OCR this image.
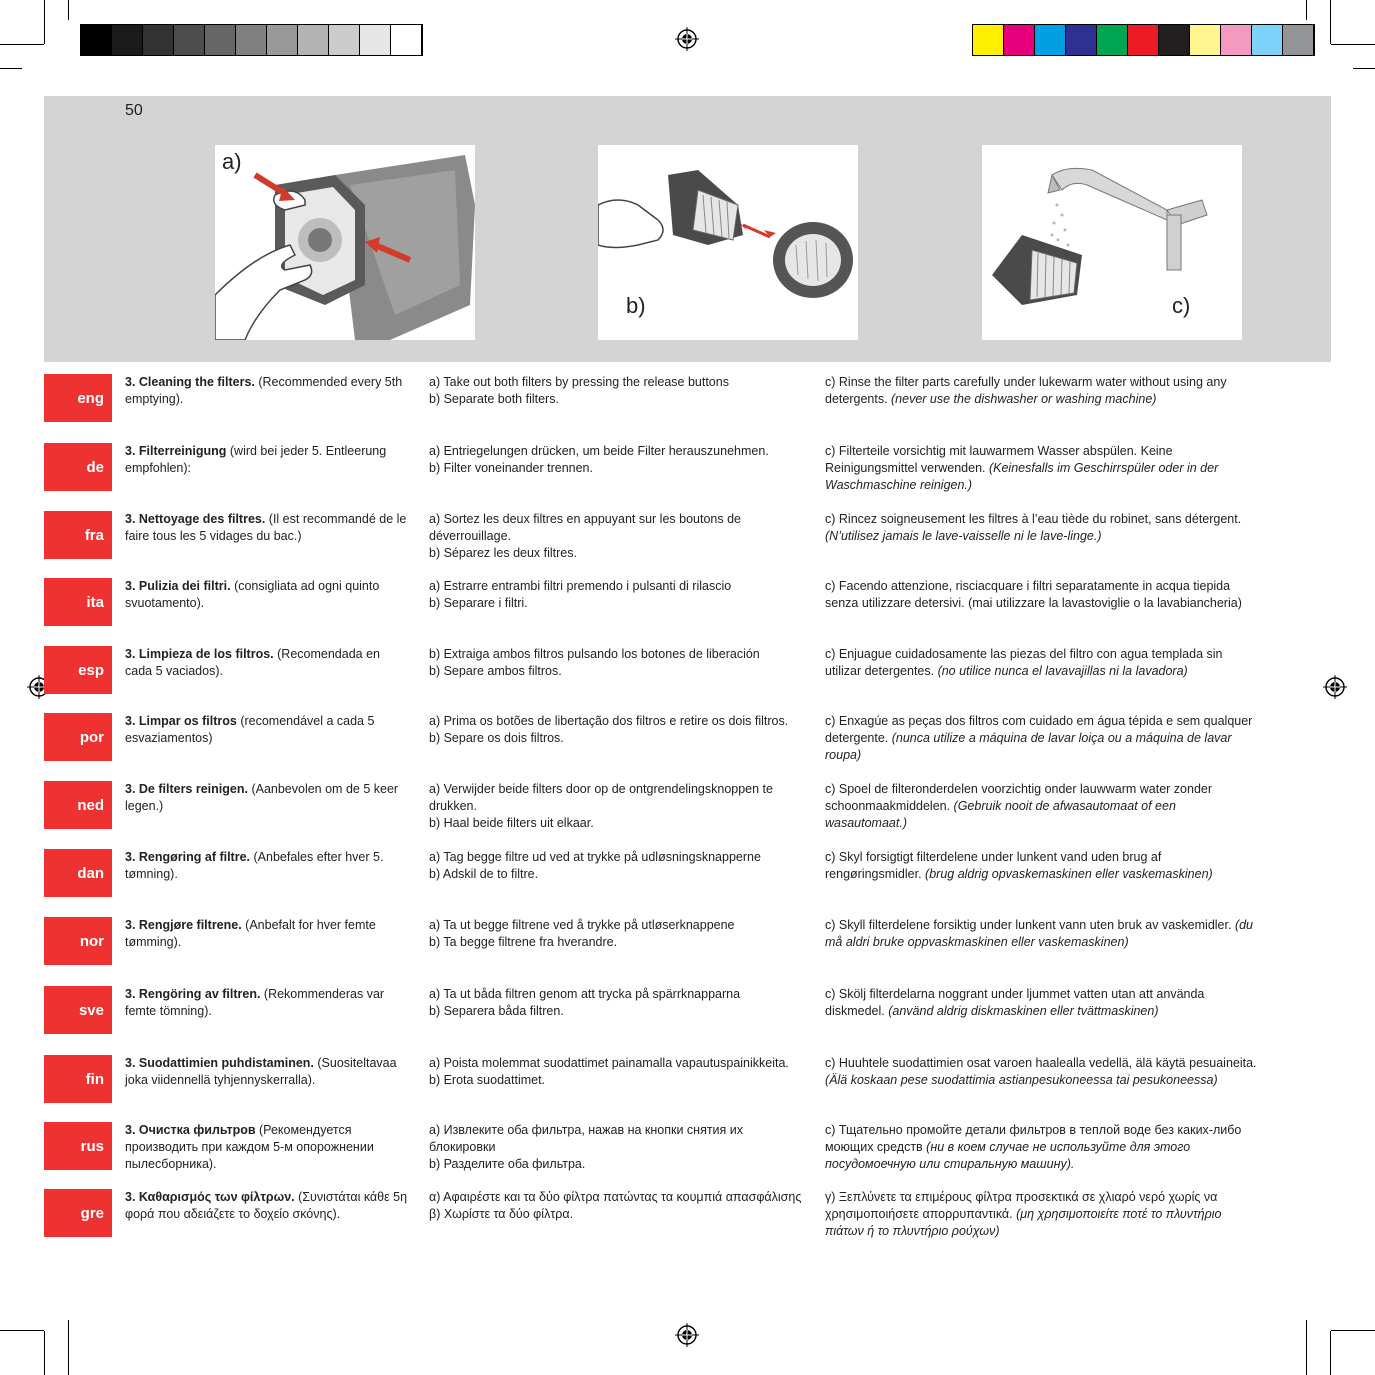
50
a)
b)	c)
eng
3. Cleaning the filters. (Recommended every 5th emptying).
a) Take out both filters by pressing the release buttons
b) Separate both filters.
c) Rinse the filter parts carefully under lukewarm water without using any detergents. (never use the dishwasher or washing machine)
de
3. Filterreinigung (wird bei jeder 5. Entleerung empfohlen):
a) Entriegelungen drücken, um beide Filter herauszunehmen.
b) Filter voneinander trennen.
c) Filterteile vorsichtig mit lauwarmem Wasser abspülen. Keine Reinigungsmittel verwenden. (Keinesfalls im Geschirrspüler oder in der Waschmaschine reinigen.)
fra
3. Nettoyage des filtres. (Il est recommandé de le faire tous les 5 vidages du bac.)
a) Sortez les deux filtres en appuyant sur les boutons de déverrouillage.
b) Séparez les deux filtres.
c) Rincez soigneusement les filtres à l’eau tiède du robinet, sans détergent. (N’utilisez jamais le lave-vaisselle ni le lave-linge.)
ita
3. Pulizia dei filtri. (consigliata ad ogni quinto svuotamento).
a) Estrarre entrambi filtri premendo i pulsanti di rilascio
b) Separare i filtri.
c) Facendo attenzione, risciacquare i filtri separatamente in acqua tiepida senza utilizzare detersivi. (mai utilizzare la lavastoviglie o la lavabiancheria)
esp
3. Limpieza de los filtros. (Recomendada en cada 5 vaciados).
b) Extraiga ambos filtros pulsando los botones de liberación
b) Separe ambos filtros.
c) Enjuague cuidadosamente las piezas del filtro con agua templada sin utilizar detergentes. (no utilice nunca el lavavajillas ni la lavadora)
por
3. Limpar os filtros (recomendável a cada 5 esvaziamentos)
a) Prima os botões de libertação dos filtros e retire os dois filtros.
b) Separe os dois filtros.
c) Enxagúe as peças dos filtros com cuidado em água tépida e sem qualquer detergente. (nunca utilize a máquina de lavar loiça ou a máquina de lavar roupa)
ned
3. De filters reinigen. (Aanbevolen om de 5 keer legen.)
a) Verwijder beide filters door op de ontgrendelingsknoppen te drukken.
b) Haal beide filters uit elkaar.
c) Spoel de filteronderdelen voorzichtig onder lauwwarm water zonder schoonmaakmiddelen. (Gebruik nooit de afwasautomaat of een wasautomaat.)
dan
3. Rengøring af filtre. (Anbefales efter hver 5. tømning).
a) Tag begge filtre ud ved at trykke på udløsningsknapperne
b) Adskil de to filtre.
c) Skyl forsigtigt filterdelene under lunkent vand uden brug af rengøringsmidler. (brug aldrig opvaskemaskinen eller vaskemaskinen)
nor
3. Rengjøre filtrene. (Anbefalt for hver femte tømming).
a) Ta ut begge filtrene ved å trykke på utløserknappene
b) Ta begge filtrene fra hverandre.
c) Skyll filterdelene forsiktig under lunkent vann uten bruk av vaskemidler. (du må aldri bruke oppvaskmaskinen eller vaskemaskinen)
sve
3. Rengöring av filtren. (Rekommenderas var femte tömning).
a) Ta ut båda filtren genom att trycka på spärrknapparna
b) Separera båda filtren.
c) Skölj filterdelarna noggrant under ljummet vatten utan att använda diskmedel. (använd aldrig diskmaskinen eller tvättmaskinen)
fin
3. Suodattimien puhdistaminen. (Suositeltavaa joka viidennellä tyhjennyskerralla).
a) Poista molemmat suodattimet painamalla vapautuspainikkeita.
b) Erota suodattimet.
c) Huuhtele suodattimien osat varoen haalealla vedellä, älä käytä pesuaineita. (Älä koskaan pese suodattimia astianpesukoneessa tai pesukoneessa)
rus
3. Очистка фильтров (Рекомендуется производить при каждом 5-м опорожнении пылесборника).
а) Извлеките оба фильтра, нажав на кнопки снятия их блокировки
b) Разделите оба фильтра.
c) Тщательно промойте детали фильтров в теплой воде без каких-либо моющих средств (ни в коем случае не используйте для этого посудомоечную или стиральную машину).
gre
3. Καθαρισμός των φίλτρων. (Συνιστάται κάθε 5η φορά που αδειάζετε το δοχείο σκόνης).
α) Αφαιρέστε και τα δύο φίλτρα πατώντας τα κουμπιά απασφάλισης
β) Χωρίστε τα δύο φίλτρα.
γ) Ξεπλύνετε τα επιμέρους φίλτρα προσεκτικά σε χλιαρό νερό χωρίς να χρησιμοποιήσετε απορρυπαντικά. (μη χρησιμοποιείτε ποτέ το πλυντήριο πιάτων ή το πλυντήριο ρούχων)
